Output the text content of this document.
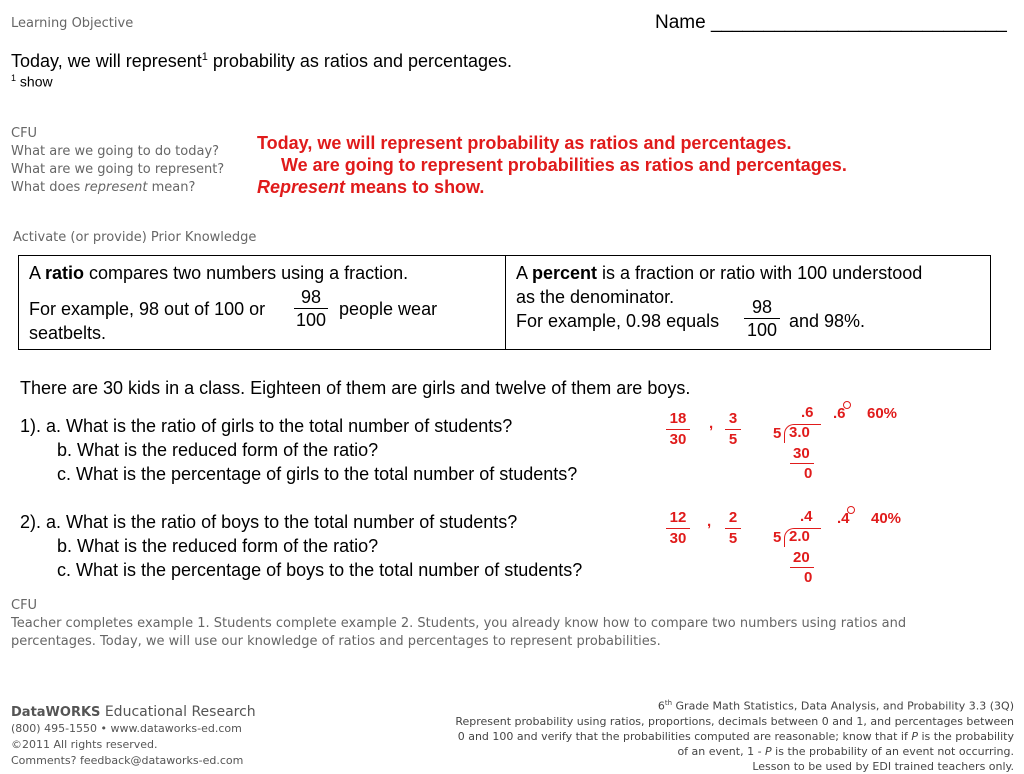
Learning Objective	Name ____________________________
Today, we will represent$^1$ probability as ratios and percentages.
$^1$ show
CFU
What are we going to do today?
What are we going to represent?
What does represent mean?
Today, we will represent probability as ratios and percentages.
We are going to represent probabilities as ratios and percentages.
Represent means to show.
Activate (or provide) Prior Knowledge
A ratio compares two numbers using a fraction.
For example, 98 out of 100 or
98
100
people wear
seatbelts.

A percent is a fraction or ratio with 100 understood
as the denominator.
For example, 0.98 equals
98
100 and 98%.
There are 30 kids in a class. Eighteen of them are girls and twelve of them are boys.
1). a. What is the ratio of girls to the total number of students?
b. What is the reduced form of the ratio?
c. What is the percentage of girls to the total number of students?
2). a. What is the ratio of boys to the total number of students?
b. What is the reduced form of the ratio?
c. What is the percentage of boys to the total number of students?
18
30
, 3
5
.6
5 3.0
30
0
.6 60%
12
30
, 2
5
.4
5 2.0
20
0
.4 40%
CFU
Teacher completes example 1. Students complete example 2. Students, you already know how to compare two numbers using ratios and
percentages. Today, we will use our knowledge of ratios and percentages to represent probabilities.
DataWORKS Educational Research
(800) 495-1550 • www.dataworks-ed.com
©2011 All rights reserved.
Comments? feedback@dataworks-ed.com
6th Grade Math Statistics, Data Analysis, and Probability 3.3 (3Q)
Represent probability using ratios, proportions, decimals between 0 and 1, and percentages between
0 and 100 and verify that the probabilities computed are reasonable; know that if P is the probability
of an event, 1 - P is the probability of an event not occurring.
Lesson to be used by EDI trained teachers only.
